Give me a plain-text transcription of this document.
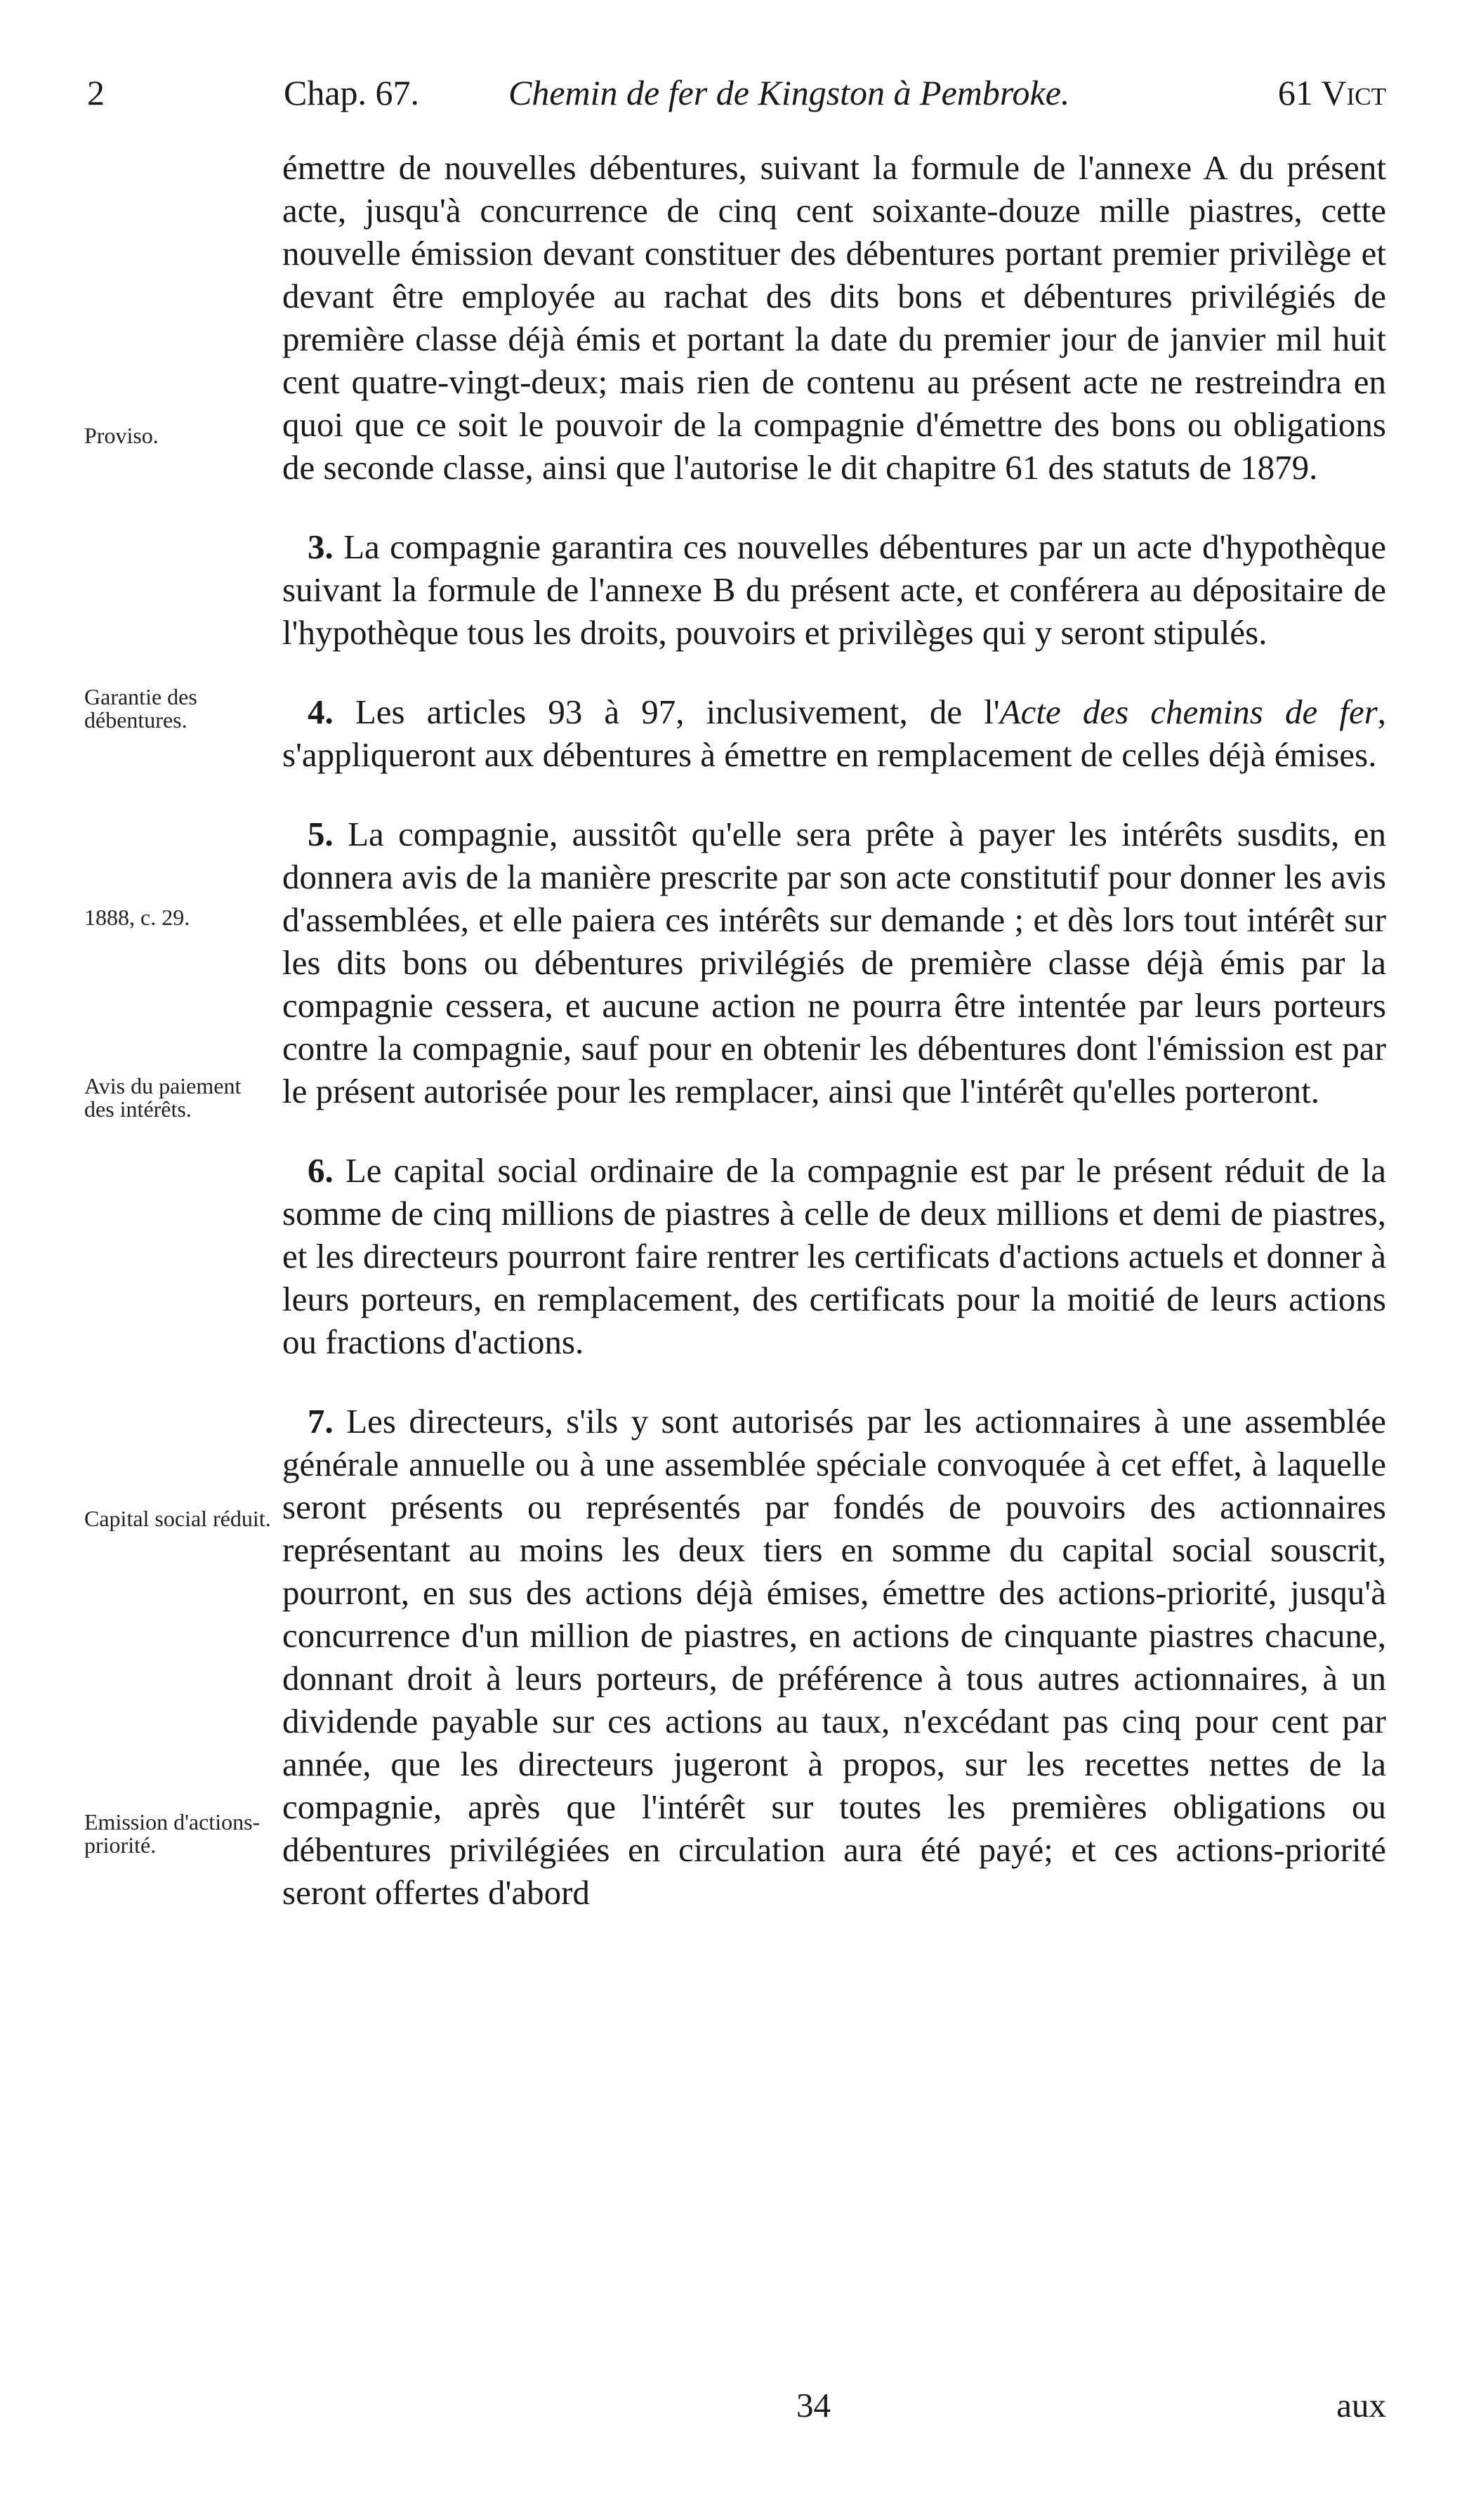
2	Chap. 67.	Chemin de fer de Kingston à Pembroke.	61 Vict
Proviso.
Garantie des débentures.
1888, c. 29.
Avis du paiement des intérêts.
Capital social réduit.
Emission d'actions-priorité.

émettre de nouvelles débentures, suivant la formule de l'annexe A du présent acte, jusqu'à concurrence de cinq cent soixante-douze mille piastres, cette nouvelle émission devant constituer des débentures portant premier privilège et devant être employée au rachat des dits bons et débentures privilégiés de première classe déjà émis et portant la date du premier jour de janvier mil huit cent quatre-vingt-deux; mais rien de contenu au présent acte ne restreindra en quoi que ce soit le pouvoir de la compagnie d'émettre des bons ou obligations de seconde classe, ainsi que l'autorise le dit chapitre 61 des statuts de 1879.

3. La compagnie garantira ces nouvelles débentures par un acte d'hypothèque suivant la formule de l'annexe B du présent acte, et conférera au dépositaire de l'hypothèque tous les droits, pouvoirs et privilèges qui y seront stipulés.

4. Les articles 93 à 97, inclusivement, de l'Acte des chemins de fer, s'appliqueront aux débentures à émettre en remplacement de celles déjà émises.

5. La compagnie, aussitôt qu'elle sera prête à payer les intérêts susdits, en donnera avis de la manière prescrite par son acte constitutif pour donner les avis d'assemblées, et elle paiera ces intérêts sur demande ; et dès lors tout intérêt sur les dits bons ou débentures privilégiés de première classe déjà émis par la compagnie cessera, et aucune action ne pourra être intentée par leurs porteurs contre la compagnie, sauf pour en obtenir les débentures dont l'émission est par le présent autorisée pour les remplacer, ainsi que l'intérêt qu'elles porteront.

6. Le capital social ordinaire de la compagnie est par le présent réduit de la somme de cinq millions de piastres à celle de deux millions et demi de piastres, et les directeurs pourront faire rentrer les certificats d'actions actuels et donner à leurs porteurs, en remplacement, des certificats pour la moitié de leurs actions ou fractions d'actions.

7. Les directeurs, s'ils y sont autorisés par les actionnaires à une assemblée générale annuelle ou à une assemblée spéciale convoquée à cet effet, à laquelle seront présents ou représentés par fondés de pouvoirs des actionnaires représentant au moins les deux tiers en somme du capital social souscrit, pourront, en sus des actions déjà émises, émettre des actions-priorité, jusqu'à concurrence d'un million de piastres, en actions de cinquante piastres chacune, donnant droit à leurs porteurs, de préférence à tous autres actionnaires, à un dividende payable sur ces actions au taux, n'excédant pas cinq pour cent par année, que les directeurs jugeront à propos, sur les recettes nettes de la compagnie, après que l'intérêt sur toutes les premières obligations ou débentures privilégiées en circulation aura été payé; et ces actions-priorité seront offertes d'abord

34	aux
